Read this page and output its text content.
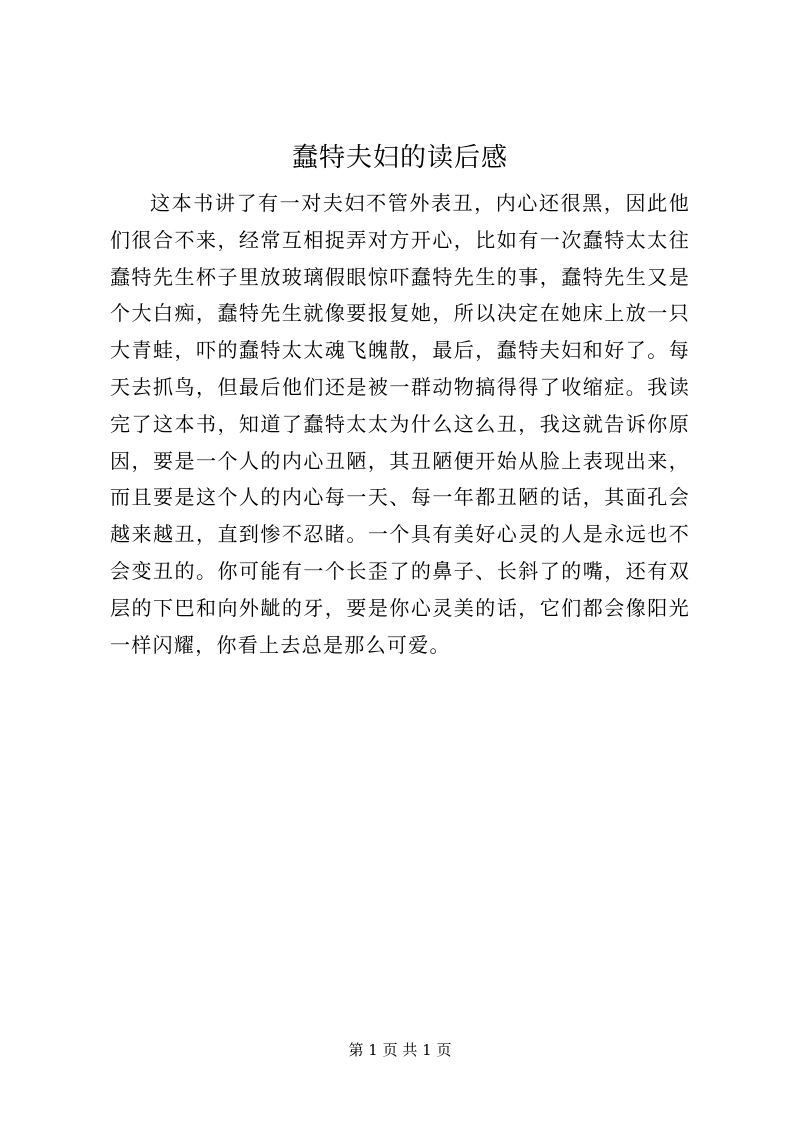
蠢特夫妇的读后感

这本书讲了有一对夫妇不管外表丑，内心还很黑，因此他们很合不来，经常互相捉弄对方开心，比如有一次蠢特太太往蠢特先生杯子里放玻璃假眼惊吓蠢特先生的事，蠢特先生又是个大白痴，蠢特先生就像要报复她，所以决定在她床上放一只大青蛙，吓的蠢特太太魂飞魄散，最后，蠢特夫妇和好了。每天去抓鸟，但最后他们还是被一群动物搞得得了收缩症。我读完了这本书，知道了蠢特太太为什么这么丑，我这就告诉你原因，要是一个人的内心丑陋，其丑陋便开始从脸上表现出来，而且要是这个人的内心每一天、每一年都丑陋的话，其面孔会越来越丑，直到惨不忍睹。一个具有美好心灵的人是永远也不会变丑的。你可能有一个长歪了的鼻子、长斜了的嘴，还有双层的下巴和向外龇的牙，要是你心灵美的话，它们都会像阳光一样闪耀，你看上去总是那么可爱。

第 1 页 共 1 页
